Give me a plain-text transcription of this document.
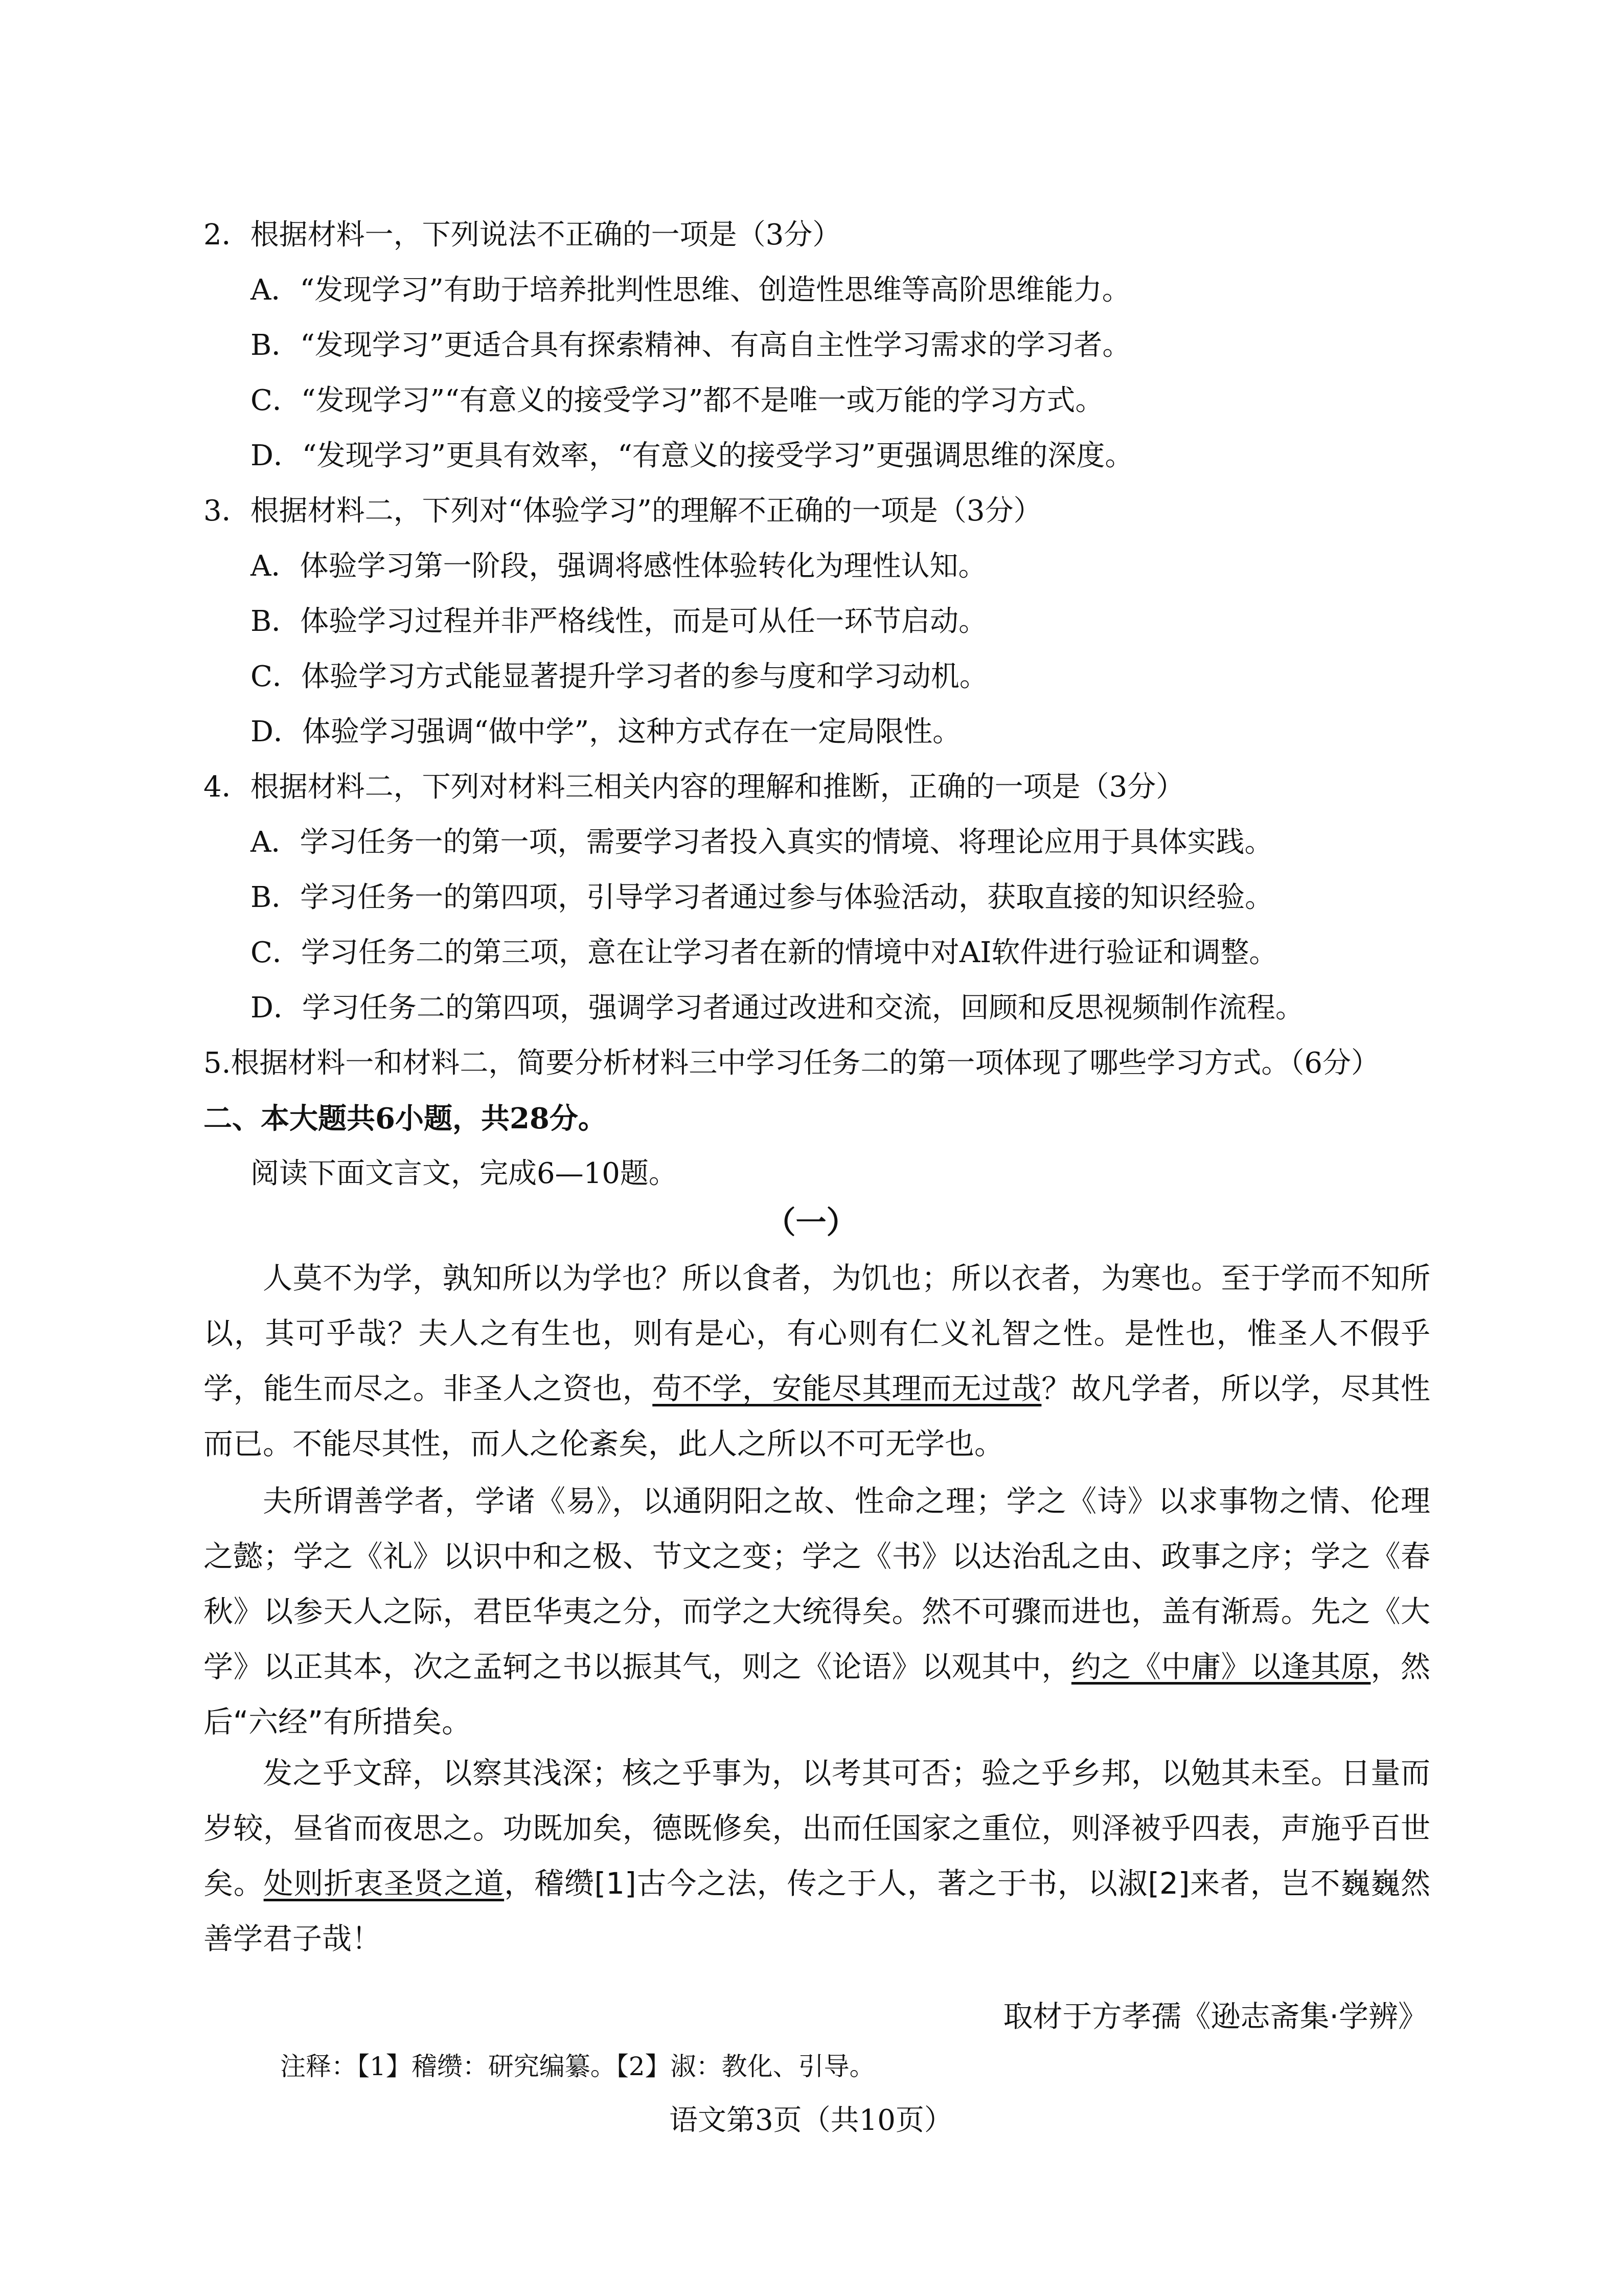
2．根据材料一，下列说法不正确的一项是（3分）
A．“发现学习”有助于培养批判性思维、创造性思维等高阶思维能力。
B．“发现学习”更适合具有探索精神、有高自主性学习需求的学习者。
C．“发现学习”“有意义的接受学习”都不是唯一或万能的学习方式。
D．“发现学习”更具有效率，“有意义的接受学习”更强调思维的深度。
3．根据材料二，下列对“体验学习”的理解不正确的一项是（3分）
A．体验学习第一阶段，强调将感性体验转化为理性认知。
B．体验学习过程并非严格线性，而是可从任一环节启动。
C．体验学习方式能显著提升学习者的参与度和学习动机。
D．体验学习强调“做中学”，这种方式存在一定局限性。
4．根据材料二，下列对材料三相关内容的理解和推断，正确的一项是（3分）
A．学习任务一的第一项，需要学习者投入真实的情境、将理论应用于具体实践。
B．学习任务一的第四项，引导学习者通过参与体验活动，获取直接的知识经验。
C．学习任务二的第三项，意在让学习者在新的情境中对AI软件进行验证和调整。
D．学习任务二的第四项，强调学习者通过改进和交流，回顾和反思视频制作流程。
5.根据材料一和材料二，简要分析材料三中学习任务二的第一项体现了哪些学习方式。（6分）
二、本大题共6小题，共28分。
阅读下面文言文，完成6—10题。
（一）
人莫不为学，孰知所以为学也？所以食者，为饥也；所以衣者，为寒也。至于学而不知所以，其可乎哉？夫人之有生也，则有是心，有心则有仁义礼智之性。是性也，惟圣人不假乎学，能生而尽之。非圣人之资也，苟不学，安能尽其理而无过哉？故凡学者，所以学，尽其性而已。不能尽其性，而人之伦紊矣，此人之所以不可无学也。
夫所谓善学者，学诸《易》，以通阴阳之故、性命之理；学之《诗》以求事物之情、伦理之懿；学之《礼》以识中和之极、节文之变；学之《书》以达治乱之由、政事之序；学之《春秋》以参天人之际，君臣华夷之分，而学之大统得矣。然不可骤而进也，盖有渐焉。先之《大学》以正其本，次之孟轲之书以振其气，则之《论语》以观其中，约之《中庸》以逢其原，然后“六经”有所措矣。
发之乎文辞，以察其浅深；核之乎事为，以考其可否；验之乎乡邦，以勉其未至。日量而岁较，昼省而夜思之。功既加矣，德既修矣，出而任国家之重位，则泽被乎四表，声施乎百世矣。处则折衷圣贤之道，稽缵[1]古今之法，传之于人，著之于书，以淑[2]来者，岂不巍巍然善学君子哉！
取材于方孝孺《逊志斋集·学辨》
注释：【1】稽缵：研究编纂。【2】淑：教化、引导。
语文第3页（共10页）
